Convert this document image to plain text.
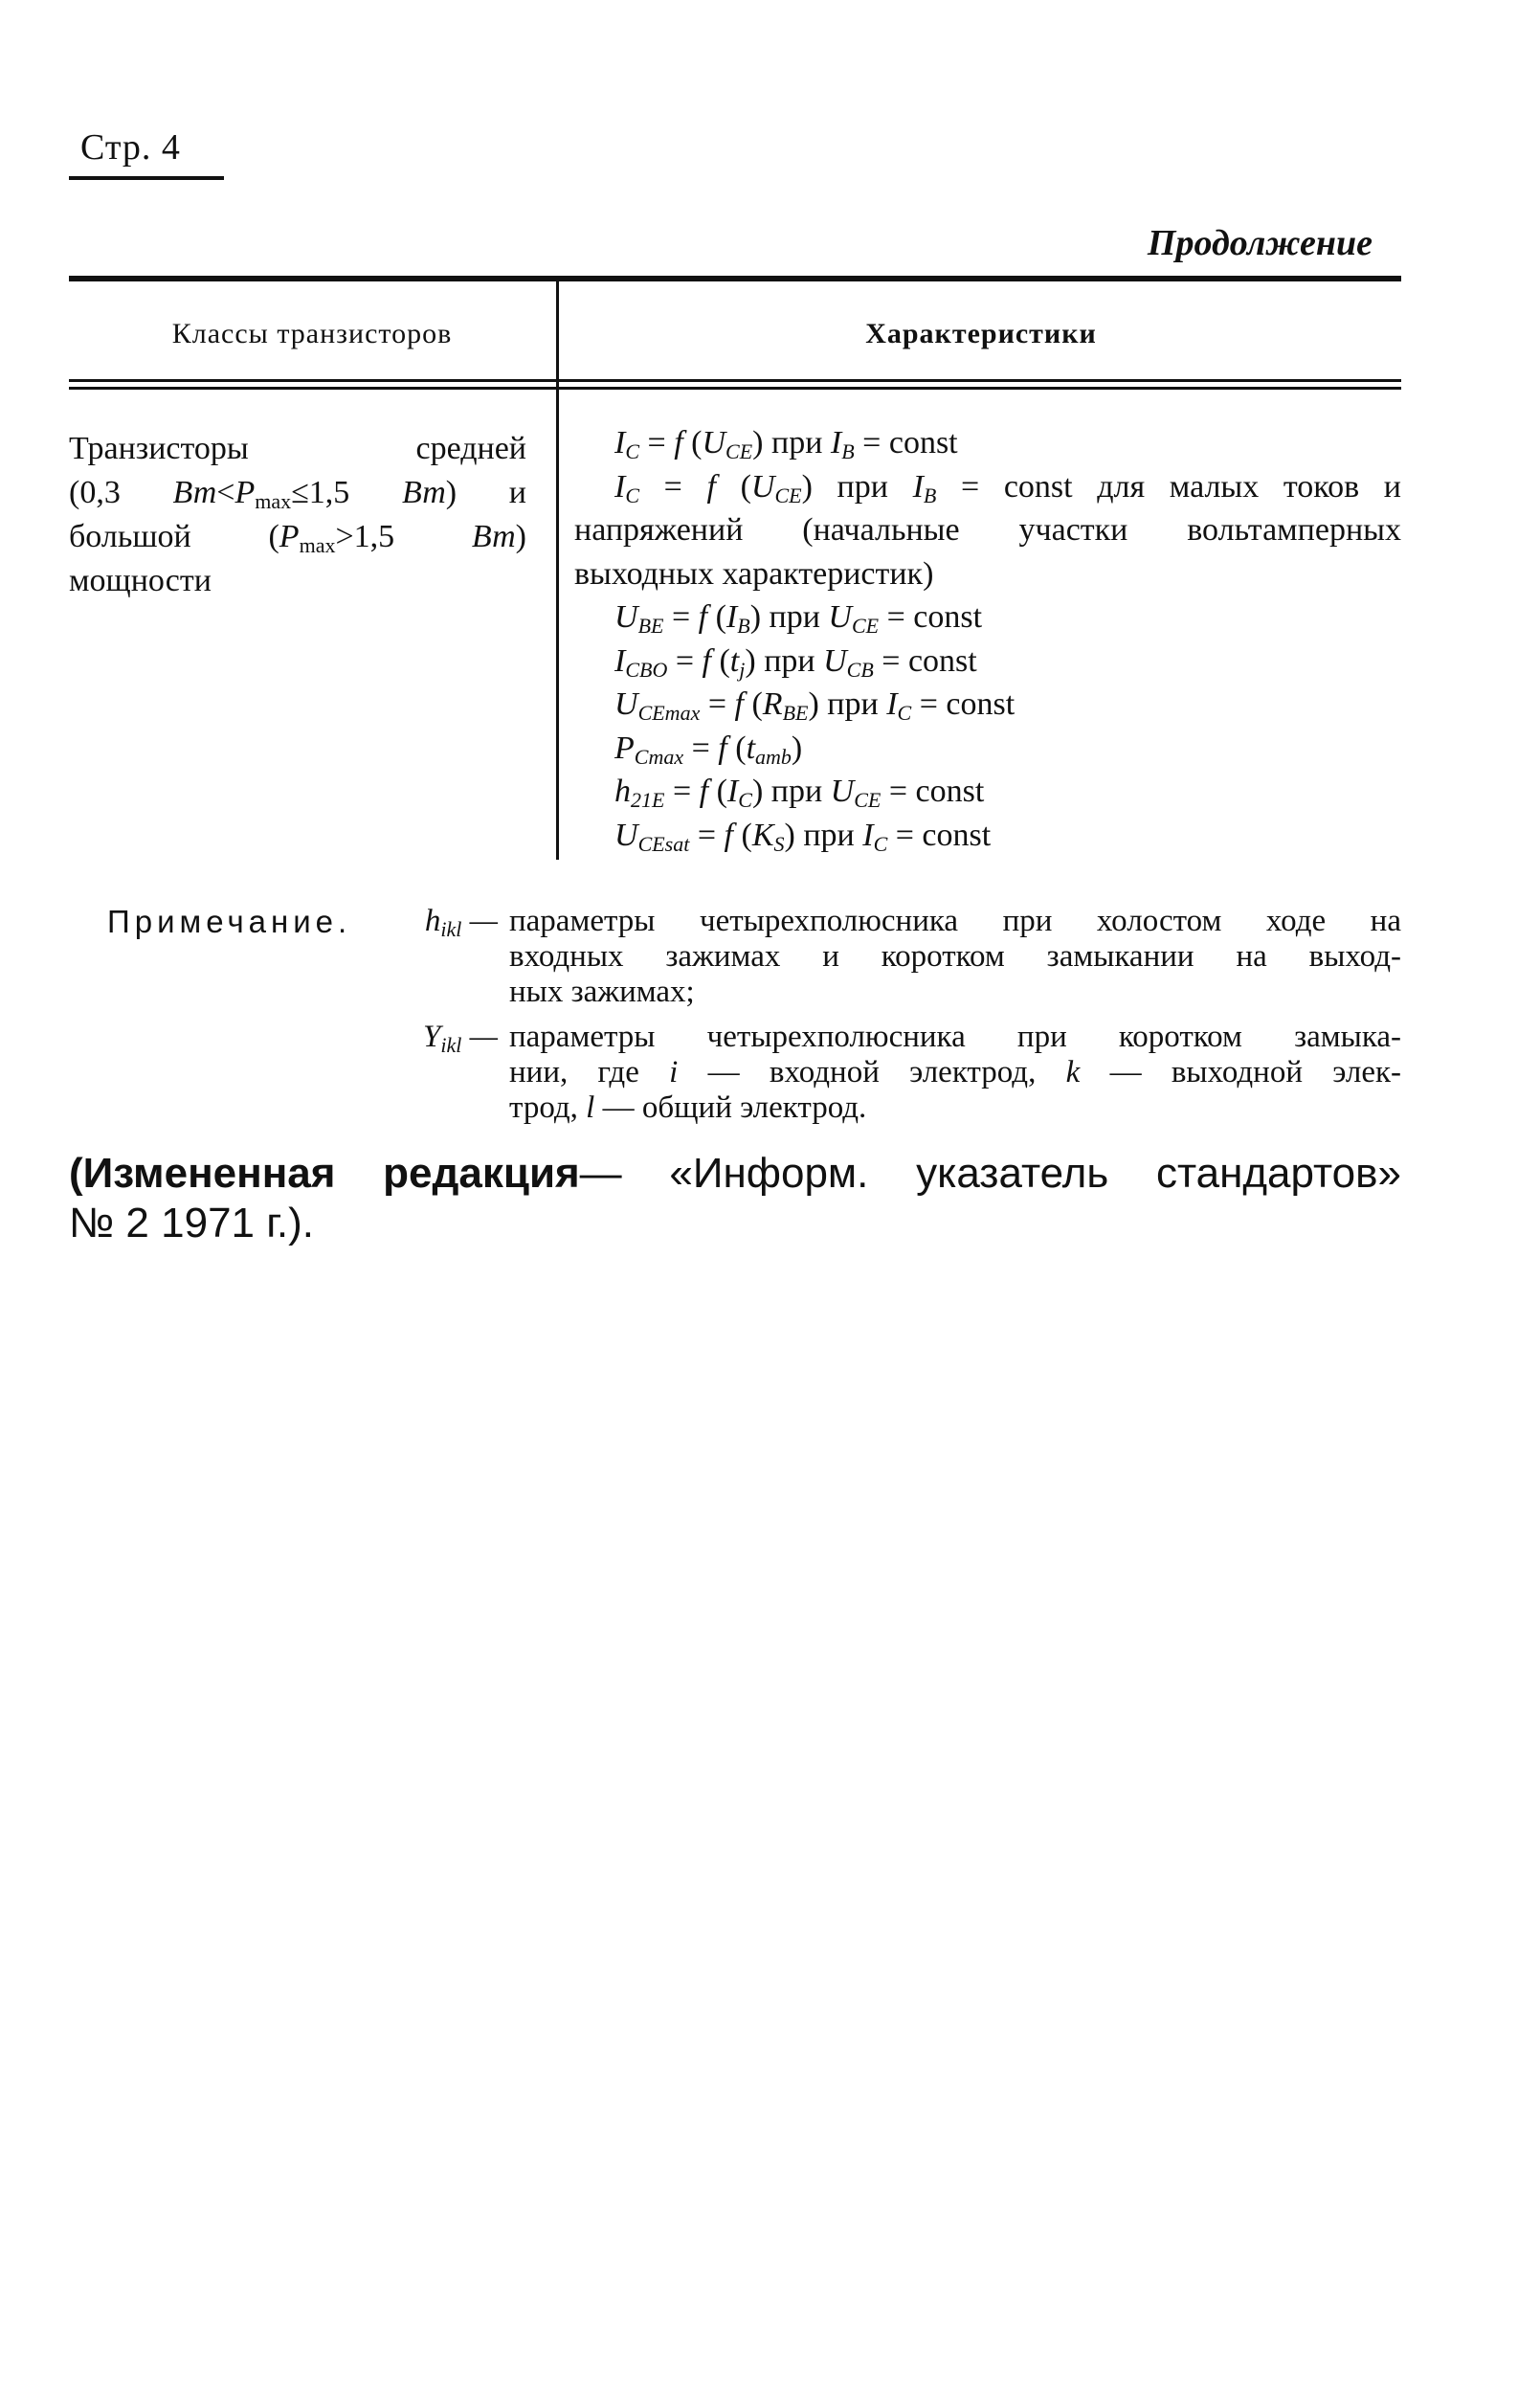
Стр. 4
Продолжение
Классы транзисторов	Характеристики
Транзисторы средней
(0,3 $Вт<P_{max}\le 1,5$ Вт) и
большой ($P_{max}>1,5$ Вт)
мощности
$I_C = f$ $(U_{CE})$ при $I_B$ = const
$I_C = f$ $(U_{CE})$ при $I_B$ = const для малых токов и
напряжений (начальные участки вольтамперных
выходных характеристик)
$U_{BE} = f$ $(I_B)$ при $U_{CE}$ = const
$I_{CBO} = f$ $(t_j)$ при $U_{CB}$ = const
$U_{CEmax} = f$ $(R_{BE})$ при $I_C$ = const
$P_{Cmax} = f$ $(t_{amb})$
$h_{21E} = f$ $(I_C)$ при $U_{CE}$ = const
$U_{CEsat} = f$ $(K_S)$ при $I_C$ = const
Примечание. $h_{ikl}$ — параметры четырехполюсника при холостом ходе на
входных зажимах и коротком замыкании на выход-
ных зажимах;
$Y_{ikl}$ — параметры четырехполюсника при коротком замыка-
нии, где i — входной электрод, k — выходной элек-
трод, l — общий электрод.
(Измененная редакция— «Информ. указатель стандартов»
№ 2 1971 г.).
